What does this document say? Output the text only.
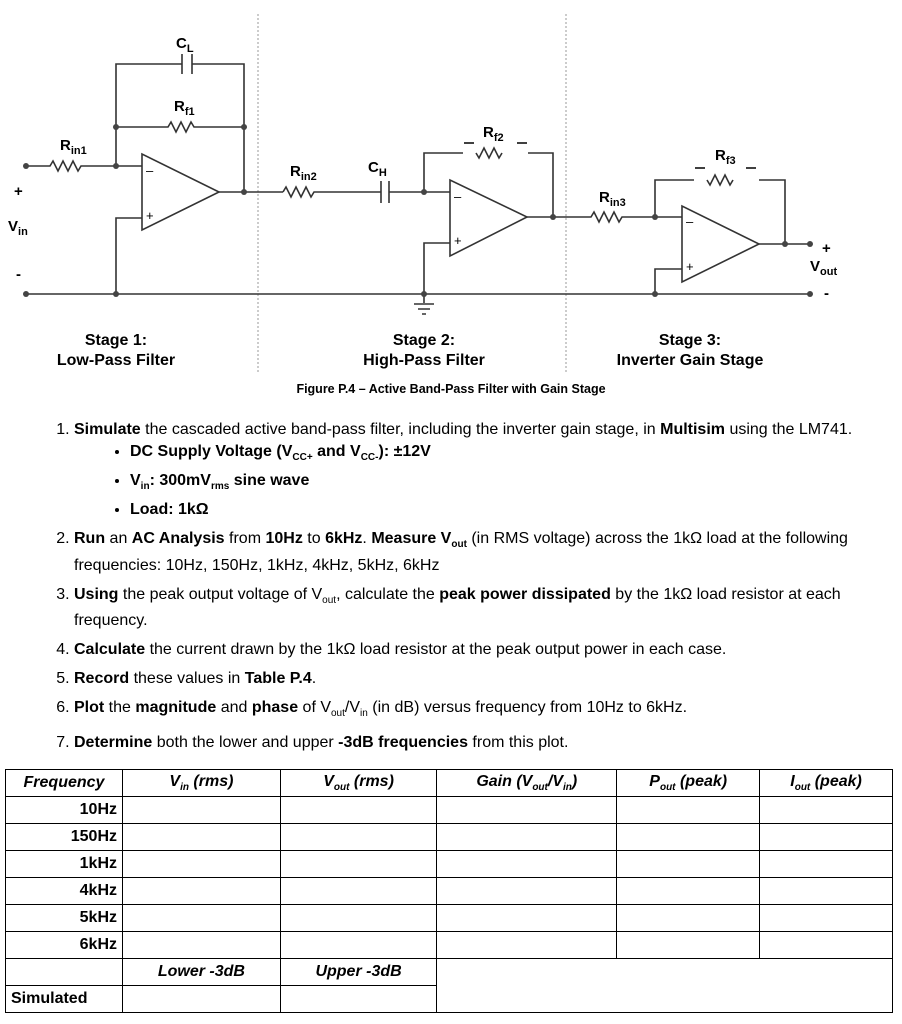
–
+
–
+
–
+
$C_L$
$R_{f1}$
$R_{in1}$
$R_{in2}$
$C_H$
$R_{f2}$
$R_{in3}$
$R_{f3}$
+
$V_{in}$
-
+
$V_{out}$
-
Stage 1:
Low-Pass Filter
Stage 2:
High-Pass Filter
Stage 3:
Inverter Gain Stage
Figure P.4 – Active Band-Pass Filter with Gain Stage
1. Simulate the cascaded active band-pass filter, including the inverter gain stage, in Multisim using the LM741.
• DC Supply Voltage ($V_{CC+}$ and $V_{CC-}$): ±12V
• $V_{in}$: $300mV_{rms}$ sine wave
• Load: 1kΩ
2. Run an AC Analysis from 10Hz to 6kHz. Measure $V_{out}$ (in RMS voltage) across the 1kΩ load at the following frequencies: 10Hz, 150Hz, 1kHz, 4kHz, 5kHz, 6kHz
3. Using the peak output voltage of $V_{out}$, calculate the peak power dissipated by the 1kΩ load resistor at each frequency.
4. Calculate the current drawn by the 1kΩ load resistor at the peak output power in each case.
5. Record these values in Table P.4.
6. Plot the magnitude and phase of $V_{out}/V_{in}$ (in dB) versus frequency from 10Hz to 6kHz.
7. Determine both the lower and upper -3dB frequencies from this plot.
Frequency	$V_{in}$ (rms)	$V_{out}$ (rms)	Gain $(V_{out}/V_{in})$	$P_{out}$ (peak)	$I_{out}$ (peak)
10Hz					
150Hz					
1kHz					
4kHz					
5kHz					
6kHz					
	Lower -3dB	Upper -3dB			
Simulated					
